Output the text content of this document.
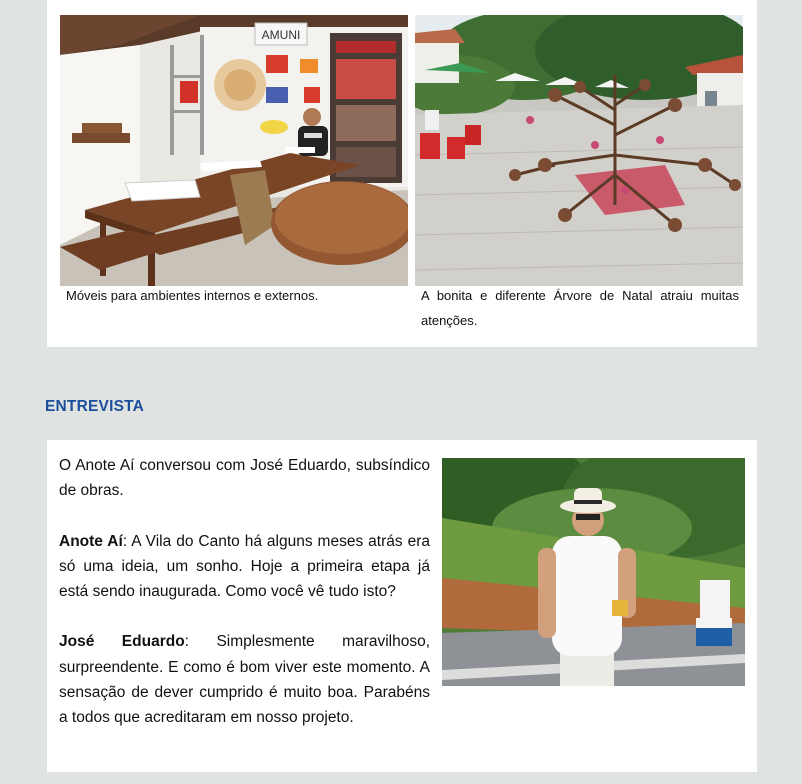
AMUNI
Móveis para ambientes internos e externos.	A bonita e diferente Árvore de Natal atraiu muitas atenções.
ENTREVISTA

O Anote Aí conversou com José Eduardo, subsíndico de obras.

Anote Aí: A Vila do Canto há alguns meses atrás era só uma ideia, um sonho. Hoje a primeira etapa já está sendo inaugurada. Como você vê tudo isto?

José Eduardo: Simplesmente maravilhoso, surpreendente. E como é bom viver este momento. A sensação de dever cumprido é muito boa. Parabéns a todos que acreditaram em nosso projeto.
